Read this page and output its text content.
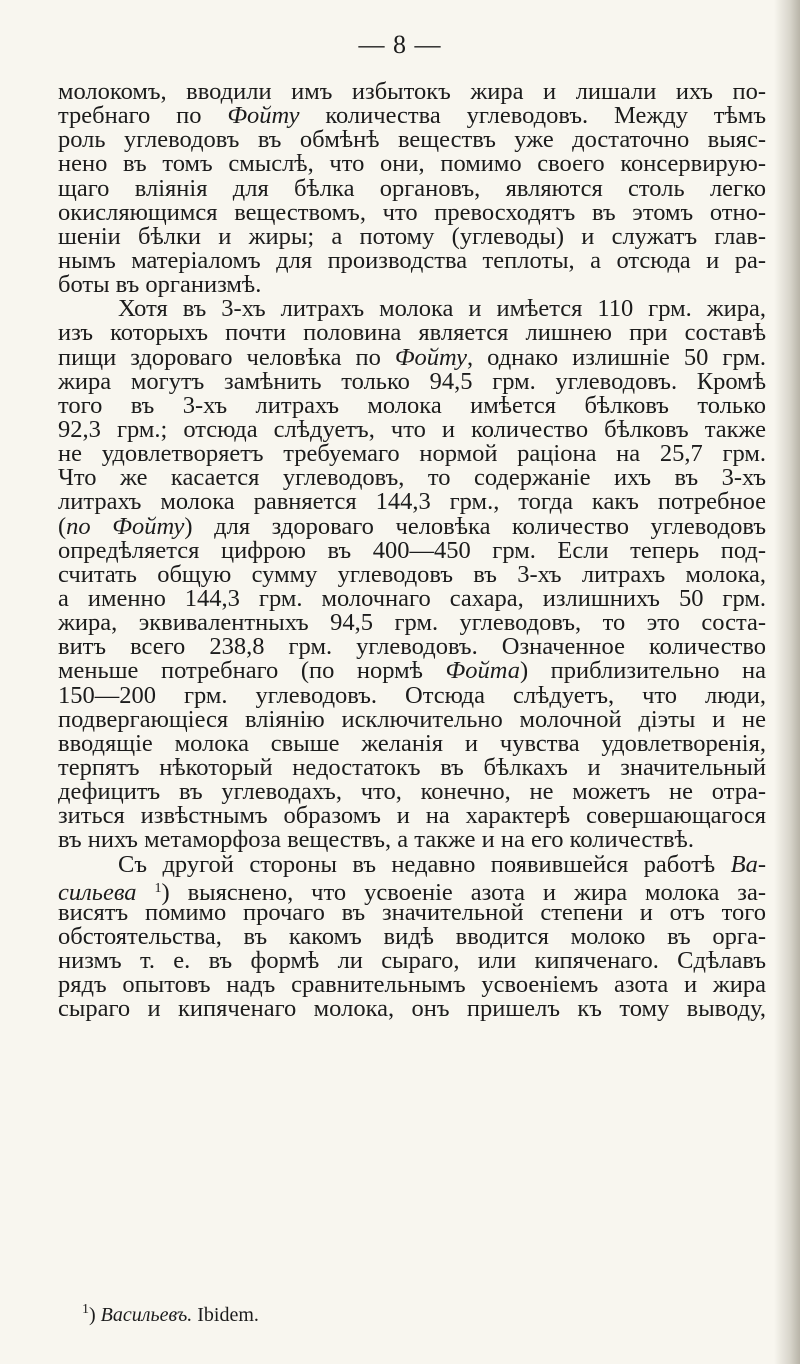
— 8 —
молокомъ, вводили имъ избытокъ жира и лишали ихъ по-
требнаго по Фойту количества углеводовъ. Между тѣмъ
роль углеводовъ въ обмѣнѣ веществъ уже достаточно выяс-
нено въ томъ смыслѣ, что они, помимо своего консервирую-
щаго вліянія для бѣлка органовъ, являются столь легко
окисляющимся веществомъ, что превосходятъ въ этомъ отно-
шеніи бѣлки и жиры; а потому (углеводы) и служатъ глав-
нымъ матеріаломъ для производства теплоты, а отсюда и ра-
боты въ организмѣ.
Хотя въ 3-хъ литрахъ молока и имѣется 110 грм. жира,
изъ которыхъ почти половина является лишнею при составѣ
пищи здороваго человѣка по Фойту, однако излишніе 50 грм.
жира могутъ замѣнить только 94,5 грм. углеводовъ. Кромѣ
того въ 3-хъ литрахъ молока имѣется бѣлковъ только
92,3 грм.; отсюда слѣдуетъ, что и количество бѣлковъ также
не удовлетворяетъ требуемаго нормой раціона на 25,7 грм.
Что же касается углеводовъ, то содержаніе ихъ въ 3-хъ
литрахъ молока равняется 144,3 грм., тогда какъ потребное
(по Фойту) для здороваго человѣка количество углеводовъ
опредѣляется цифрою въ 400—450 грм. Если теперь под-
считать общую сумму углеводовъ въ 3-хъ литрахъ молока,
а именно 144,3 грм. молочнаго сахара, излишнихъ 50 грм.
жира, эквивалентныхъ 94,5 грм. углеводовъ, то это соста-
витъ всего 238,8 грм. углеводовъ. Означенное количество
меньше потребнаго (по нормѣ Фойта) приблизительно на
150—200 грм. углеводовъ. Отсюда слѣдуетъ, что люди,
подвергающіеся вліянію исключительно молочной діэты и не
вводящіе молока свыше желанія и чувства удовлетворенія,
терпятъ нѣкоторый недостатокъ въ бѣлкахъ и значительный
дефицитъ въ углеводахъ, что, конечно, не можетъ не отра-
зиться извѣстнымъ образомъ и на характерѣ совершающагося
въ нихъ метаморфоза веществъ, а также и на его количествѣ.
Съ другой стороны въ недавно появившейся работѣ Ва-
сильева $^1$) выяснено, что усвоеніе азота и жира молока за-
висятъ помимо прочаго въ значительной степени и отъ того
обстоятельства, въ какомъ видѣ вводится молоко въ орга-
низмъ т. е. въ формѣ ли сыраго, или кипяченаго. Сдѣлавъ
рядъ опытовъ надъ сравнительнымъ усвоеніемъ азота и жира
сыраго и кипяченаго молока, онъ пришелъ къ тому выводу,
$^1$) Васильевъ. Ibidem.
